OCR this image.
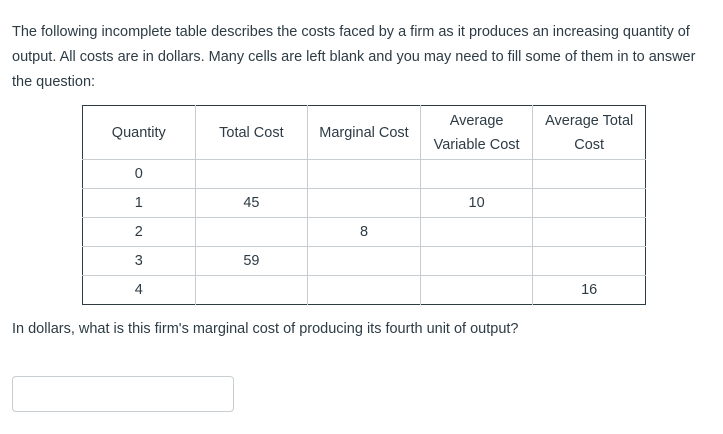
The following incomplete table describes the costs faced by a firm as it produces an increasing quantity of output. All costs are in dollars. Many cells are left blank and you may need to fill some of them in to answer the question:

Quantity	Total Cost	Marginal Cost	Average Variable Cost	Average Total Cost
0				
1	45		10	
2		8		
3	59			
4				16

In dollars, what is this firm's marginal cost of producing its fourth unit of output?
